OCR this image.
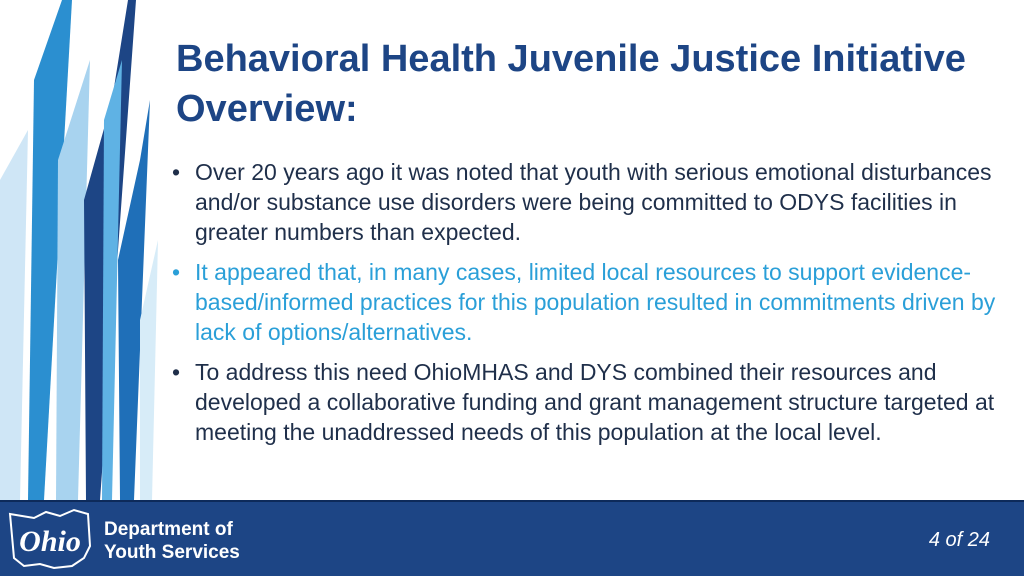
Behavioral Health Juvenile Justice Initiative Overview:
• Over 20 years ago it was noted that youth with serious emotional disturbances and/or substance use disorders were being committed to ODYS facilities in greater numbers than expected.
• It appeared that, in many cases, limited local resources to support evidence-based/informed practices for this population resulted in commitments driven by lack of options/alternatives.
• To address this need OhioMHAS and DYS combined their resources and developed a collaborative funding and grant management structure targeted at meeting the unaddressed needs of this population at the local level.
Ohio Department of
Youth Services
4 of 24
